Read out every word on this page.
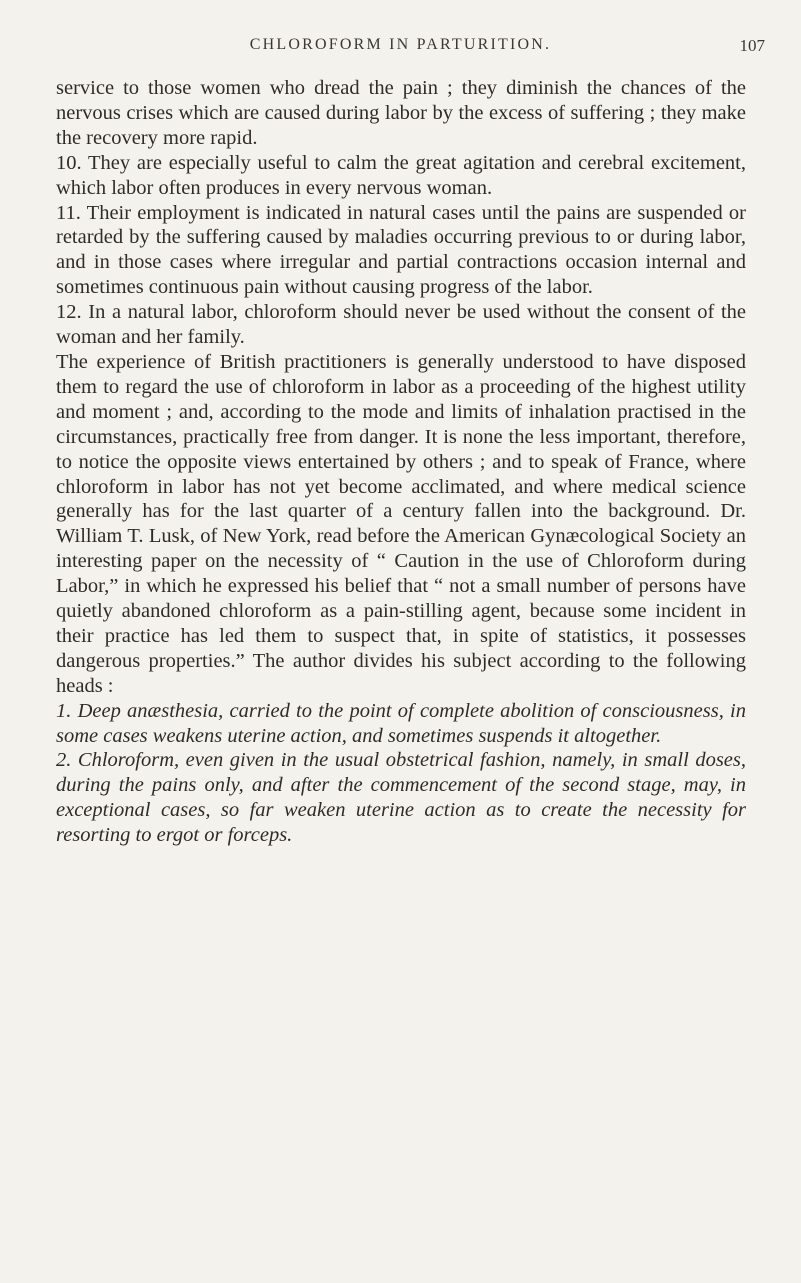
CHLOROFORM IN PARTURITION.	107

service to those women who dread the pain ; they diminish the chances of the nervous crises which are caused during labor by the excess of suffering ; they make the recovery more rapid.

10. They are especially useful to calm the great agitation and cerebral excitement, which labor often produces in every nervous woman.

11. Their employment is indicated in natural cases until the pains are suspended or retarded by the suffering caused by maladies occurring previous to or during labor, and in those cases where irregular and partial contractions occasion internal and sometimes continuous pain without causing progress of the labor.

12. In a natural labor, chloroform should never be used without the consent of the woman and her family.

The experience of British practitioners is generally understood to have disposed them to regard the use of chloroform in labor as a proceeding of the highest utility and moment ; and, according to the mode and limits of inhalation practised in the circumstances, practically free from danger. It is none the less important, therefore, to notice the opposite views entertained by others ; and to speak of France, where chloroform in labor has not yet become acclimated, and where medical science generally has for the last quarter of a century fallen into the background. Dr. William T. Lusk, of New York, read before the American Gynæcological Society an interesting paper on the necessity of “ Caution in the use of Chloroform during Labor,” in which he expressed his belief that “ not a small number of persons have quietly abandoned chloroform as a pain-stilling agent, because some incident in their practice has led them to suspect that, in spite of statistics, it possesses dangerous properties.” The author divides his subject according to the following heads :

1. Deep anæsthesia, carried to the point of complete abolition of consciousness, in some cases weakens uterine action, and sometimes suspends it altogether.

2. Chloroform, even given in the usual obstetrical fashion, namely, in small doses, during the pains only, and after the commencement of the second stage, may, in exceptional cases, so far weaken uterine action as to create the necessity for resorting to ergot or forceps.
